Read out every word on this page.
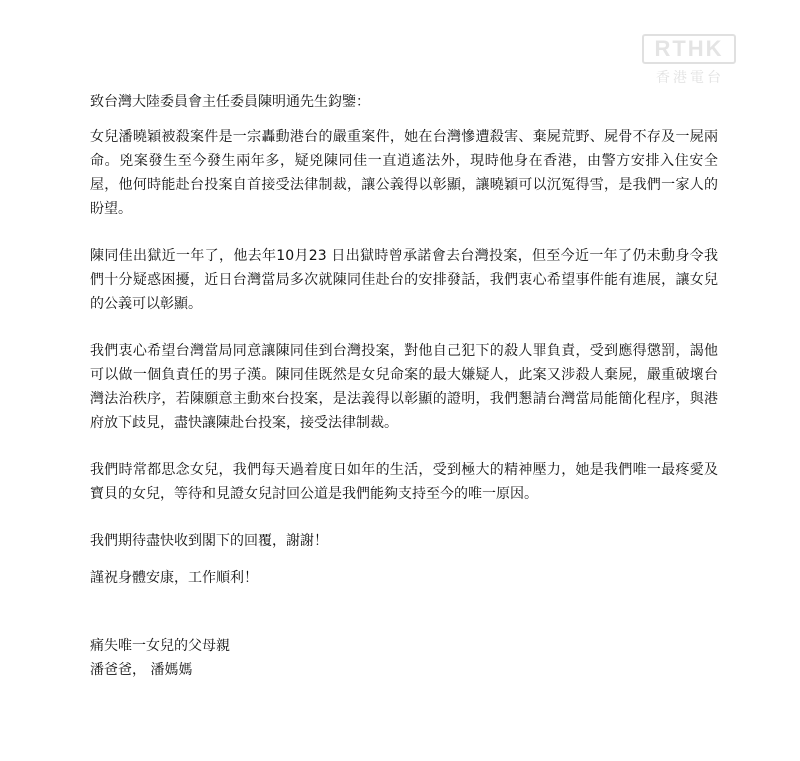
RTHK
香港電台

致台灣大陸委員會主任委員陳明通先生鈞鑒：

女兒潘曉穎被殺案件是一宗轟動港台的嚴重案件，她在台灣慘遭殺害、棄屍荒野、屍骨不存及一屍兩命。兇案發生至今發生兩年多，疑兇陳同佳一直逍遙法外，現時他身在香港，由警方安排入住安全屋，他何時能赴台投案自首接受法律制裁，讓公義得以彰顯，讓曉穎可以沉冤得雪，是我們一家人的盼望。

陳同佳出獄近一年了，他去年10月23 日出獄時曾承諾會去台灣投案，但至今近一年了仍未動身令我們十分疑惑困擾，近日台灣當局多次就陳同佳赴台的安排發話，我們衷心希望事件能有進展，讓女兒的公義可以彰顯。

我們衷心希望台灣當局同意讓陳同佳到台灣投案，對他自己犯下的殺人罪負責，受到應得懲罰，謁他可以做一個負責任的男子漢。陳同佳既然是女兒命案的最大嫌疑人，此案又涉殺人棄屍，嚴重破壞台灣法治秩序，若陳願意主動來台投案，是法義得以彰顯的證明，我們懇請台灣當局能簡化程序，與港府放下歧見，盡快讓陳赴台投案，接受法律制裁。

我們時常都思念女兒，我們每天過着度日如年的生活，受到極大的精神壓力，她是我們唯一最疼愛及寶貝的女兒，等待和見證女兒討回公道是我們能夠支持至今的唯一原因。

我們期待盡快收到閣下的回覆，謝謝！

謹祝身體安康，工作順利！

痛失唯一女兒的父母親

潘爸爸， 潘媽媽
